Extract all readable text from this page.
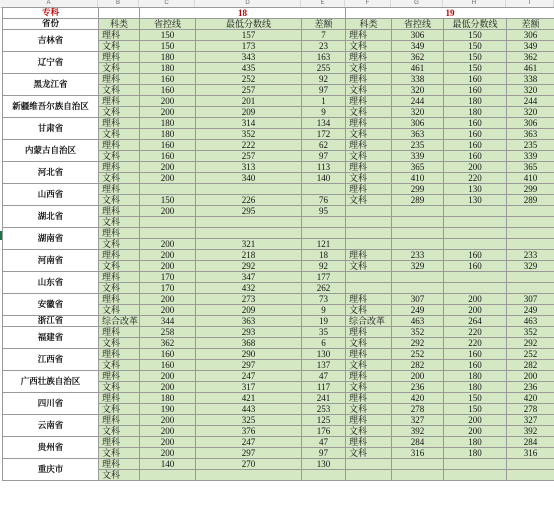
A	B	C	D	E	F	G	H	I
专科		18			19				
省份	科类	省控线	最低分数线	差额	科类	省控线	最低分数线	差额	
吉林省	理科	150	157	7	理科	306	150	306	
	文科	150	173	23	文科	349	150	349	
辽宁省	理科	180	343	163	理科	362	150	362	
	文科	180	435	255	文科	461	150	461	
黑龙江省	理科	160	252	92	理科	338	160	338	
	文科	160	257	97	文科	320	160	320	
新疆维吾尔族自治区	理科	200	201	1	理科	244	180	244	
	文科	200	209	9	文科	320	180	320	
甘肃省	理科	180	314	134	理科	306	160	306	
	文科	180	352	172	文科	363	160	363	
内蒙古自治区	理科	160	222	62	理科	235	160	235	
	文科	160	257	97	文科	339	160	339	
河北省	理科	200	313	113	理科	365	200	365	
	文科	200	340	140	文科	410	220	410	
山西省	理科				理科	299	130	299	
	文科	150	226	76	文科	289	130	289	
湖北省	理科	200	295	95					
	文科								
湖南省	理科								
	文科	200	321	121					
河南省	理科	200	218	18	理科	233	160	233	
	文科	200	292	92	文科	329	160	329	
山东省	理科	170	347	177					
	文科	170	432	262					
安徽省	理科	200	273	73	理科	307	200	307	
	文科	200	209	9	文科	249	200	249	
浙江省	综合改革	344	363	19	综合改革	463	264	463	
福建省	理科	258	293	35	理科	352	220	352	
	文科	362	368	6	文科	292	220	292	
江西省	理科	160	290	130	理科	252	160	252	
	文科	160	297	137	文科	282	160	282	
广西壮族自治区	理科	200	247	47	理科	200	180	200	
	文科	200	317	117	文科	236	180	236	
四川省	理科	180	421	241	理科	420	150	420	
	文科	190	443	253	文科	278	150	278	
云南省	理科	200	325	125	理科	327	200	327	
	文科	200	376	176	文科	392	200	392	
贵州省	理科	200	247	47	理科	284	180	284	
	文科	200	297	97	文科	316	180	316	
重庆市	理科	140	270	130					
	文科								
